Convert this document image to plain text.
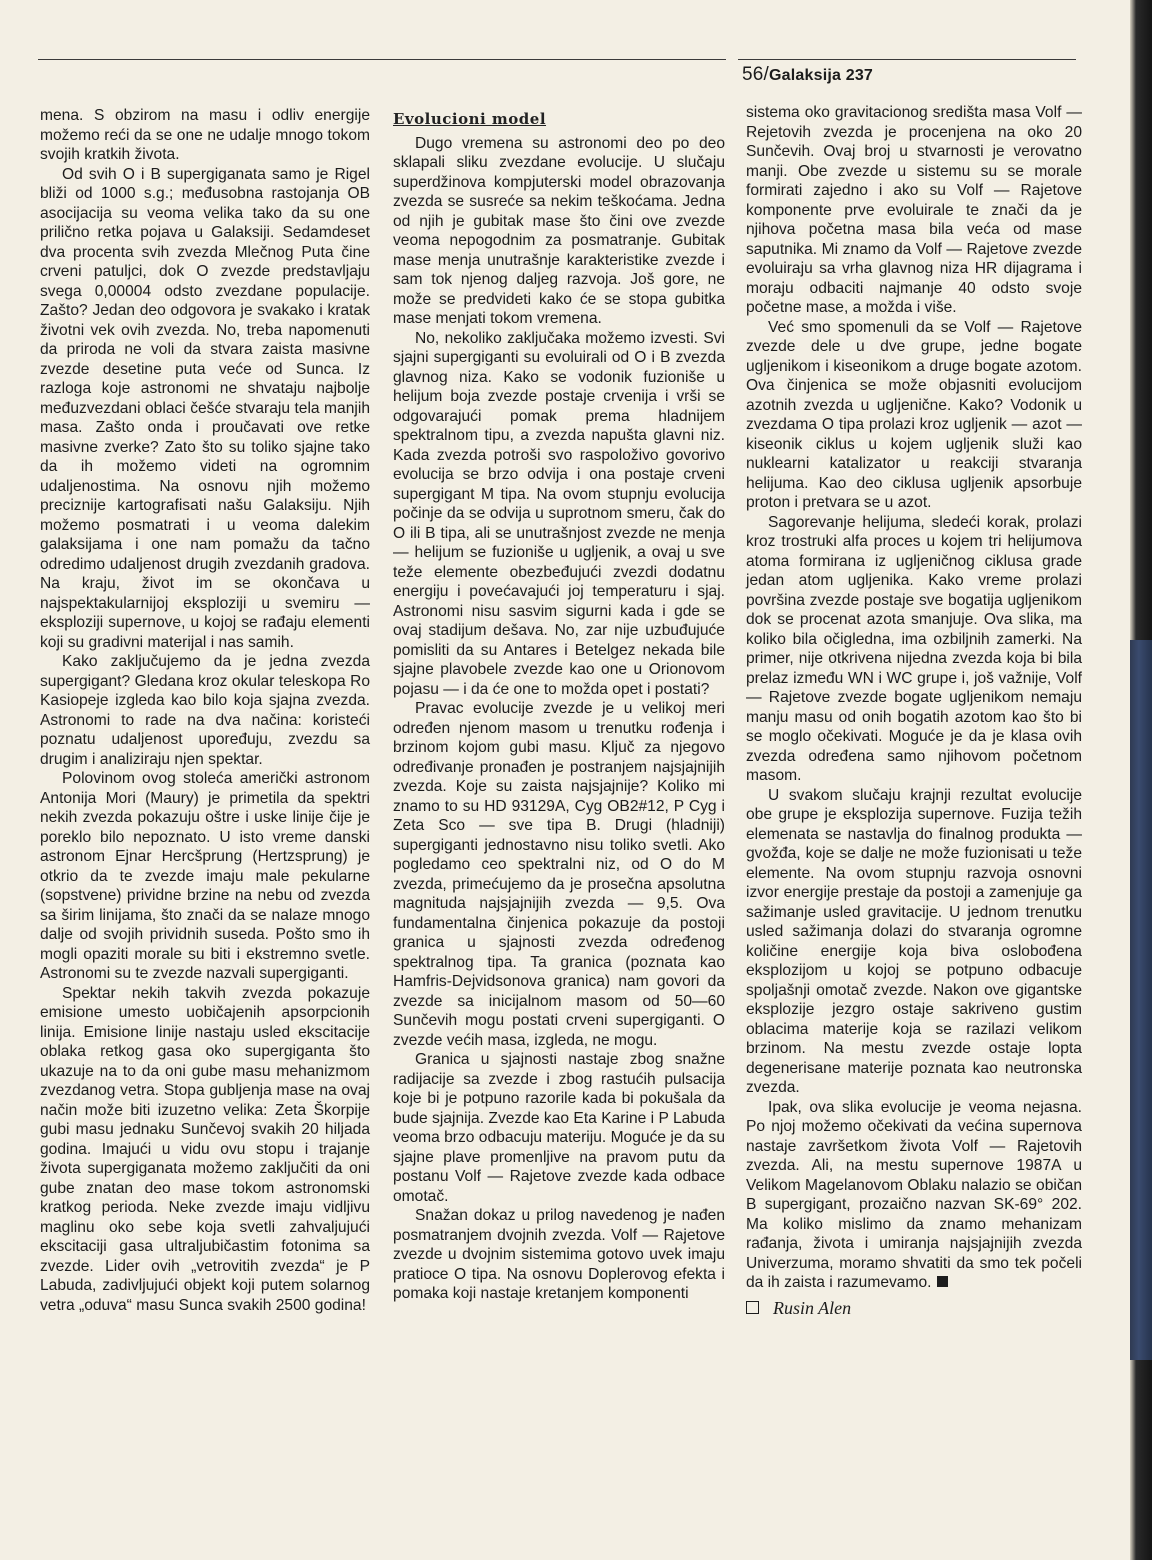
56/Galaksija 237

mena. S obzirom na masu i odliv energije možemo reći da se one ne udalje mnogo tokom svojih kratkih života.

Od svih O i B supergiganata samo je Rigel bliži od 1000 s.g.; međusobna rastojanja OB asocijacija su veoma velika tako da su one prilično retka pojava u Galaksiji. Sedamdeset dva procenta svih zvezda Mlečnog Puta čine crveni patuljci, dok O zvezde predstavljaju svega 0,00004 odsto zvezdane populacije. Zašto? Jedan deo odgovora je svakako i kratak životni vek ovih zvezda. No, treba napomenuti da priroda ne voli da stvara zaista masivne zvezde desetine puta veće od Sunca. Iz razloga koje astronomi ne shvataju najbolje međuzvezdani oblaci češće stvaraju tela manjih masa. Zašto onda i proučavati ove retke masivne zverke? Zato što su toliko sjajne tako da ih možemo videti na ogromnim udaljenostima. Na osnovu njih možemo preciznije kartografisati našu Galaksiju. Njih možemo posmatrati i u veoma dalekim galaksijama i one nam pomažu da tačno odredimo udaljenost drugih zvezdanih gradova. Na kraju, život im se okončava u najspektakularnijoj eksploziji u svemiru — eksploziji supernove, u kojoj se rađaju elementi koji su gradivni materijal i nas samih.

Kako zaključujemo da je jedna zvezda supergigant? Gledana kroz okular teleskopa Ro Kasiopeje izgleda kao bilo koja sjajna zvezda. Astronomi to rade na dva načina: koristeći poznatu udaljenost upoređuju, zvezdu sa drugim i analiziraju njen spektar.

Polovinom ovog stoleća američki astronom Antonija Mori (Maury) je primetila da spektri nekih zvezda pokazuju oštre i uske linije čije je poreklo bilo nepoznato. U isto vreme danski astronom Ejnar Hercšprung (Hertzsprung) je otkrio da te zvezde imaju male pekularne (sopstvene) prividne brzine na nebu od zvezda sa širim linijama, što znači da se nalaze mnogo dalje od svojih prividnih suseda. Pošto smo ih mogli opaziti morale su biti i ekstremno svetle. Astronomi su te zvezde nazvali supergiganti.

Spektar nekih takvih zvezda pokazuje emisione umesto uobičajenih apsorpcionih linija. Emisione linije nastaju usled ekscitacije oblaka retkog gasa oko supergiganta što ukazuje na to da oni gube masu mehanizmom zvezdanog vetra. Stopa gubljenja mase na ovaj način može biti izuzetno velika: Zeta Škorpije gubi masu jednaku Sunčevoj svakih 20 hiljada godina. Imajući u vidu ovu stopu i trajanje života supergiganata možemo zaključiti da oni gube znatan deo mase tokom astronomski kratkog perioda. Neke zvezde imaju vidljivu maglinu oko sebe koja svetli zahvaljujući ekscitaciji gasa ultraljubičastim fotonima sa zvezde. Lider ovih „vetrovitih zvezda“ je P Labuda, zadivljujući objekt koji putem solarnog vetra „oduva“ masu Sunca svakih 2500 godina!

Evolucioni model

Dugo vremena su astronomi deo po deo sklapali sliku zvezdane evolucije. U slučaju superdžinova kompjuterski model obrazovanja zvezda se susreće sa nekim teškoćama. Jedna od njih je gubitak mase što čini ove zvezde veoma nepogodnim za posmatranje. Gubitak mase menja unutrašnje karakteristike zvezde i sam tok njenog daljeg razvoja. Još gore, ne može se predvideti kako će se stopa gubitka mase menjati tokom vremena.

No, nekoliko zaključaka možemo izvesti. Svi sjajni supergiganti su evoluirali od O i B zvezda glavnog niza. Kako se vodonik fuzioniše u helijum boja zvezde postaje crvenija i vrši se odgovarajući pomak prema hladnijem spektralnom tipu, a zvezda napušta glavni niz. Kada zvezda potroši svo raspoloživo govorivo evolucija se brzo odvija i ona postaje crveni supergigant M tipa. Na ovom stupnju evolucija počinje da se odvija u suprotnom smeru, čak do O ili B tipa, ali se unutrašnjost zvezde ne menja — helijum se fuzioniše u ugljenik, a ovaj u sve teže elemente obezbeđujući zvezdi dodatnu energiju i povećavajući joj temperaturu i sjaj. Astronomi nisu sasvim sigurni kada i gde se ovaj stadijum dešava. No, zar nije uzbuđujuće pomisliti da su Antares i Betelgez nekada bile sjajne plavobele zvezde kao one u Orionovom pojasu — i da će one to možda opet i postati?

Pravac evolucije zvezde je u velikoj meri određen njenom masom u trenutku rođenja i brzinom kojom gubi masu. Ključ za njegovo određivanje pronađen je postranjem najsjajnijih zvezda. Koje su zaista najsjajnije? Koliko mi znamo to su HD 93129A, Cyg OB2#12, P Cyg i Zeta Sco — sve tipa B. Drugi (hladniji) supergiganti jednostavno nisu toliko svetli. Ako pogledamo ceo spektralni niz, od O do M zvezda, primećujemo da je prosečna apsolutna magnituda najsjajnijih zvezda — 9,5. Ova fundamentalna činjenica pokazuje da postoji granica u sjajnosti zvezda određenog spektralnog tipa. Ta granica (poznata kao Hamfris-Dejvidsonova granica) nam govori da zvezde sa inicijalnom masom od 50—60 Sunčevih mogu postati crveni supergiganti. O zvezde većih masa, izgleda, ne mogu.

Granica u sjajnosti nastaje zbog snažne radijacije sa zvezde i zbog rastućih pulsacija koje bi je potpuno razorile kada bi pokušala da bude sjajnija. Zvezde kao Eta Karine i P Labuda veoma brzo odbacuju materiju. Moguće je da su sjajne plave promenljive na pravom putu da postanu Volf — Rajetove zvezde kada odbace omotač.

Snažan dokaz u prilog navedenog je nađen posmatranjem dvojnih zvezda. Volf — Rajetove zvezde u dvojnim sistemima gotovo uvek imaju pratioce O tipa. Na osnovu Doplerovog efekta i pomaka koji nastaje kretanjem komponenti

sistema oko gravitacionog središta masa Volf — Rejetovih zvezda je procenjena na oko 20 Sunčevih. Ovaj broj u stvarnosti je verovatno manji. Obe zvezde u sistemu su se morale formirati zajedno i ako su Volf — Rajetove komponente prve evoluirale te znači da je njihova početna masa bila veća od mase saputnika. Mi znamo da Volf — Rajetove zvezde evoluiraju sa vrha glavnog niza HR dijagrama i moraju odbaciti najmanje 40 odsto svoje početne mase, a možda i više.

Već smo spomenuli da se Volf — Rajetove zvezde dele u dve grupe, jedne bogate ugljenikom i kiseonikom a druge bogate azotom. Ova činjenica se može objasniti evolucijom azotnih zvezda u ugljenične. Kako? Vodonik u zvezdama O tipa prolazi kroz ugljenik — azot — kiseonik ciklus u kojem ugljenik služi kao nuklearni katalizator u reakciji stvaranja helijuma. Kao deo ciklusa ugljenik apsorbuje proton i pretvara se u azot.

Sagorevanje helijuma, sledeći korak, prolazi kroz trostruki alfa proces u kojem tri helijumova atoma formirana iz ugljeničnog ciklusa grade jedan atom ugljenika. Kako vreme prolazi površina zvezde postaje sve bogatija ugljenikom dok se procenat azota smanjuje. Ova slika, ma koliko bila očigledna, ima ozbiljnih zamerki. Na primer, nije otkrivena nijedna zvezda koja bi bila prelaz između WN i WC grupe i, još važnije, Volf — Rajetove zvezde bogate ugljenikom nemaju manju masu od onih bogatih azotom kao što bi se moglo očekivati. Moguće je da je klasa ovih zvezda određena samo njihovom početnom masom.

U svakom slučaju krajnji rezultat evolucije obe grupe je eksplozija supernove. Fuzija težih elemenata se nastavlja do finalnog produkta — gvožđa, koje se dalje ne može fuzionisati u teže elemente. Na ovom stupnju razvoja osnovni izvor energije prestaje da postoji a zamenjuje ga sažimanje usled gravitacije. U jednom trenutku usled sažimanja dolazi do stvaranja ogromne količine energije koja biva oslobođena eksplozijom u kojoj se potpuno odbacuje spoljašnji omotač zvezde. Nakon ove gigantske eksplozije jezgro ostaje sakriveno gustim oblacima materije koja se razilazi velikom brzinom. Na mestu zvezde ostaje lopta degenerisane materije poznata kao neutronska zvezda.

Ipak, ova slika evolucije je veoma nejasna. Po njoj možemo očekivati da većina supernova nastaje završetkom života Volf — Rajetovih zvezda. Ali, na mestu supernove 1987A u Velikom Magelanovom Oblaku nalazio se običan B supergigant, prozaično nazvan SK-69° 202. Ma koliko mislimo da znamo mehanizam rađanja, života i umiranja najsjajnijih zvezda Univerzuma, moramo shvatiti da smo tek počeli da ih zaista i razumevamo.

Rusin Alen
